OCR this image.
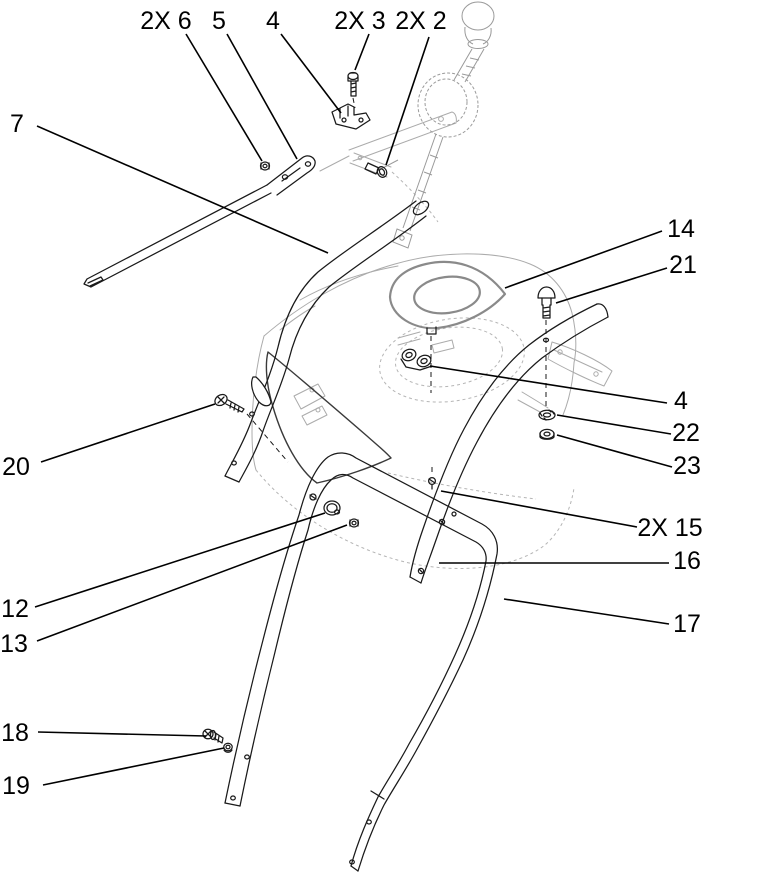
2X 6 5 4 2X 3 2X 2
7
14
21
4
22
23
20
2X 15
16
17
12
13
18
19
